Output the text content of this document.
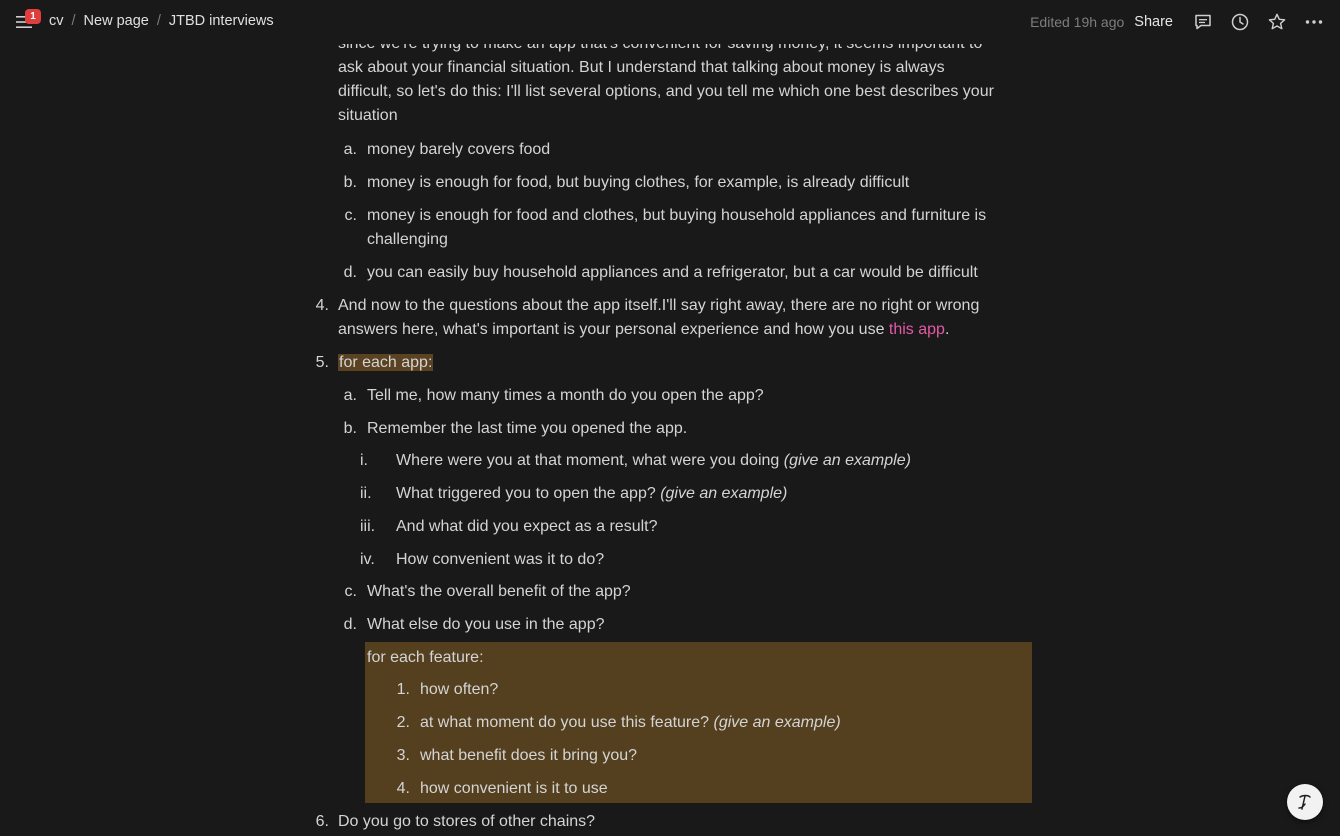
ask about your financial situation. But I understand that talking about money is always
difficult, so let's do this: I'll list several options, and you tell me which one best describes your
situation
a. money barely covers food
b. money is enough for food, but buying clothes, for example, is already difficult
c. money is enough for food and clothes, but buying household appliances and furniture is
challenging
d. you can easily buy household appliances and a refrigerator, but a car would be difficult
4. And now to the questions about the app itself.I'll say right away, there are no right or wrong
answers here, what's important is your personal experience and how you use this app.
5. for each app:
a. Tell me, how many times a month do you open the app?
b. Remember the last time you opened the app.
i.	Where were you at that moment, what were you doing (give an example)
ii.	What triggered you to open the app? (give an example)
iii.	And what did you expect as a result?
iv.	How convenient was it to do?
c. What's the overall benefit of the app?
d. What else do you use in the app?
for each feature:
1. how often?
2. at what moment do you use this feature? (give an example)
3. what benefit does it bring you?
4. how convenient is it to use
6. Do you go to stores of other chains?
1 cv / New page / JTBD interviews	Edited 19h ago Share
